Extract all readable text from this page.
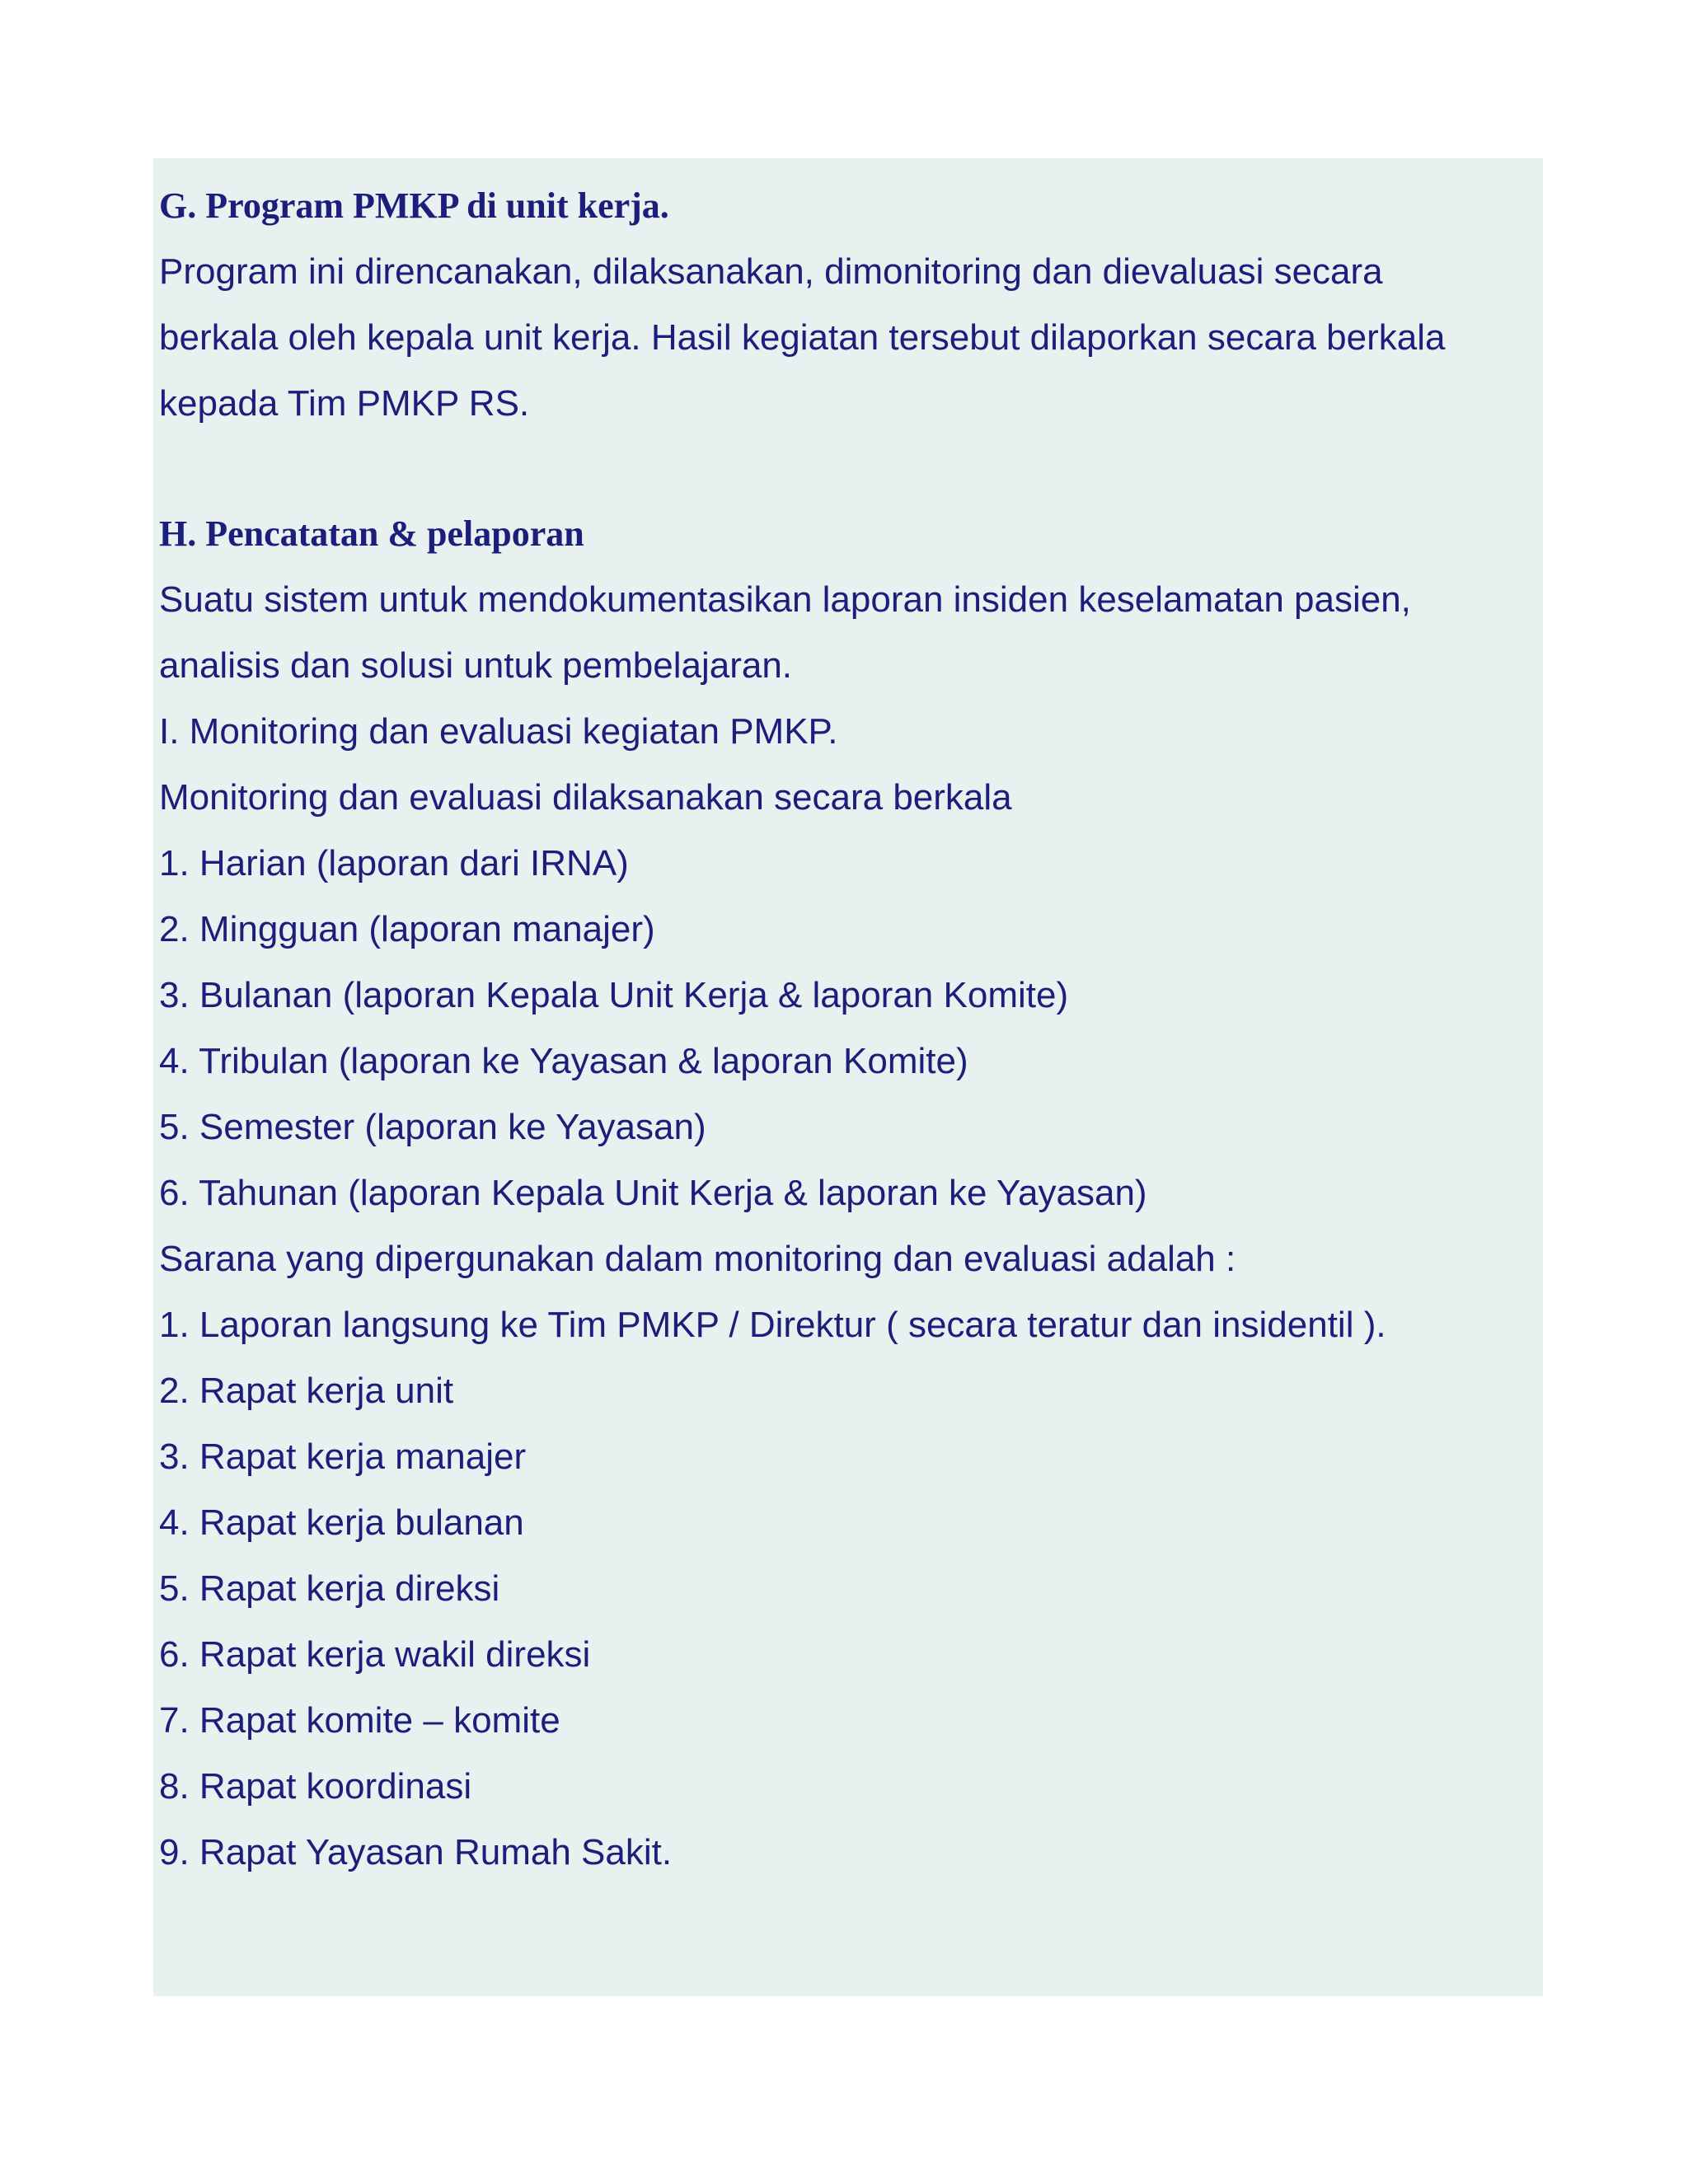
G. Program PMKP di unit kerja.
Program ini direncanakan, dilaksanakan, dimonitoring dan dievaluasi secara
berkala oleh kepala unit kerja. Hasil kegiatan tersebut dilaporkan secara berkala
kepada Tim PMKP RS.
H. Pencatatan & pelaporan
Suatu sistem untuk mendokumentasikan laporan insiden keselamatan pasien,
analisis dan solusi untuk pembelajaran.
I. Monitoring dan evaluasi kegiatan PMKP.
Monitoring dan evaluasi dilaksanakan secara berkala
1. Harian (laporan dari IRNA)
2. Mingguan (laporan manajer)
3. Bulanan (laporan Kepala Unit Kerja & laporan Komite)
4. Tribulan (laporan ke Yayasan & laporan Komite)
5. Semester (laporan ke Yayasan)
6. Tahunan (laporan Kepala Unit Kerja & laporan ke Yayasan)
Sarana yang dipergunakan dalam monitoring dan evaluasi adalah :
1. Laporan langsung ke Tim PMKP / Direktur ( secara teratur dan insidentil ).
2. Rapat kerja unit
3. Rapat kerja manajer
4. Rapat kerja bulanan
5. Rapat kerja direksi
6. Rapat kerja wakil direksi
7. Rapat komite – komite
8. Rapat koordinasi
9. Rapat Yayasan Rumah Sakit.
